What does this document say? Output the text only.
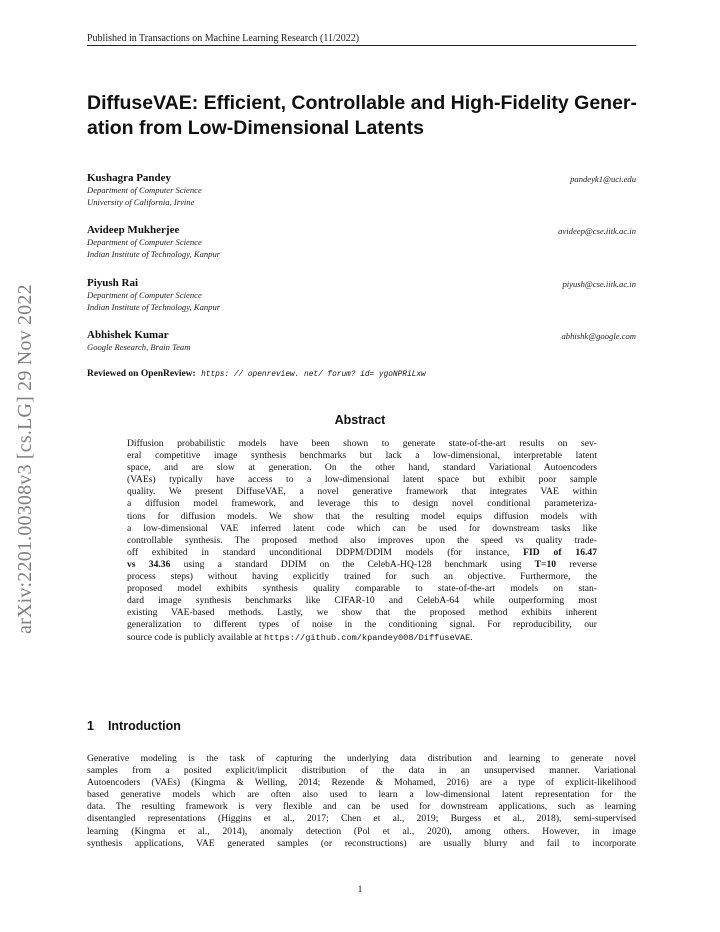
Published in Transactions on Machine Learning Research (11/2022)
arXiv:2201.00308v3 [cs.LG] 29 Nov 2022
DiffuseVAE: Efficient, Controllable and High-Fidelity Gener-
ation from Low-Dimensional Latents
Kushagra Pandey
Department of Computer Science
University of California, Irvine
pandeyk1@uci.edu
Avideep Mukherjee
Department of Computer Science
Indian Institute of Technology, Kanpur
avideep@cse.iitk.ac.in
Piyush Rai
Department of Computer Science
Indian Institute of Technology, Kanpur
piyush@cse.iitk.ac.in
Abhishek Kumar
Google Research, Brain Team
abhishk@google.com
Reviewed on OpenReview: https: // openreview. net/ forum? id= ygoNPRiLxw
Abstract
Diffusion probabilistic models have been shown to generate state-of-the-art results on sev-
eral competitive image synthesis benchmarks but lack a low-dimensional, interpretable latent
space, and are slow at generation. On the other hand, standard Variational Autoencoders
(VAEs) typically have access to a low-dimensional latent space but exhibit poor sample
quality. We present DiffuseVAE, a novel generative framework that integrates VAE within
a diffusion model framework, and leverage this to design novel conditional parameteriza-
tions for diffusion models. We show that the resulting model equips diffusion models with
a low-dimensional VAE inferred latent code which can be used for downstream tasks like
controllable synthesis. The proposed method also improves upon the speed vs quality trade-
off exhibited in standard unconditional DDPM/DDIM models (for instance, FID of 16.47
vs 34.36 using a standard DDIM on the CelebA-HQ-128 benchmark using T=10 reverse
process steps) without having explicitly trained for such an objective. Furthermore, the
proposed model exhibits synthesis quality comparable to state-of-the-art models on stan-
dard image synthesis benchmarks like CIFAR-10 and CelebA-64 while outperforming most
existing VAE-based methods. Lastly, we show that the proposed method exhibits inherent
generalization to different types of noise in the conditioning signal. For reproducibility, our
source code is publicly available at https://github.com/kpandey008/DiffuseVAE.
1 Introduction
Generative modeling is the task of capturing the underlying data distribution and learning to generate novel
samples from a posited explicit/implicit distribution of the data in an unsupervised manner. Variational
Autoencoders (VAEs) (Kingma & Welling, 2014; Rezende & Mohamed, 2016) are a type of explicit-likelihood
based generative models which are often also used to learn a low-dimensional latent representation for the
data. The resulting framework is very flexible and can be used for downstream applications, such as learning
disentangled representations (Higgins et al., 2017; Chen et al., 2019; Burgess et al., 2018), semi-supervised
learning (Kingma et al., 2014), anomaly detection (Pol et al., 2020), among others. However, in image
synthesis applications, VAE generated samples (or reconstructions) are usually blurry and fail to incorporate
1
